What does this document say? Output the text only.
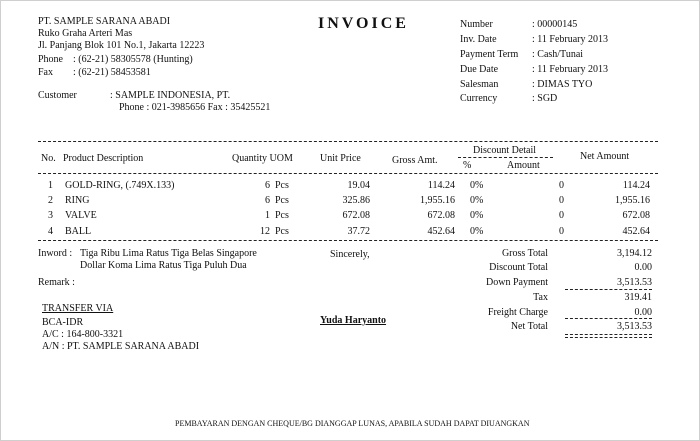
PT. SAMPLE SARANA ABADI
Ruko Graha Arteri Mas
Jl. Panjang Blok 101 No.1, Jakarta 12223
Phone : (62-21) 58305578 (Hunting)
Fax : (62-21) 58453581
INVOICE	Number	: 00000145
Inv. Date	: 11 February 2013
Payment Term : Cash/Tunai
Due Date	: 11 February 2013
Salesman	: DIMAS TYO
Currency	: SGD
Customer	: SAMPLE INDONESIA, PT.
Phone : 021-3985656 Fax : 35425521
No. Product Description	Quantity UOM	Unit Price	Gross Amt.
Discount Detail
%	Amount
Net Amount
1 GOLD-RING, (.749X.133)	6 Pcs	19.04	114.24 0%	0	114.24
2 RING	6 Pcs	325.86	1,955.16 0%	0	1,955.16
3 VALVE	1 Pcs	672.08	672.08 0%	0	672.08
4 BALL	12 Pcs	37.72	452.64 0%	0	452.64
Inword : Tiga Ribu Lima Ratus Tiga Belas Singapore
Dollar Koma Lima Ratus Tiga Puluh Dua
Remark :
Sincerely,
Yuda Haryanto
TRANSFER VIA
BCA-IDR
A/C : 164-800-3321
A/N : PT. SAMPLE SARANA ABADI
Gross Total	3,194.12
Discount Total	0.00
Down Payment	3,513.53
Tax	319.41
Freight Charge	0.00
Net Total	3,513.53
PEMBAYARAN DENGAN CHEQUE/BG DIANGGAP LUNAS, APABILA SUDAH DAPAT DIUANGKAN
